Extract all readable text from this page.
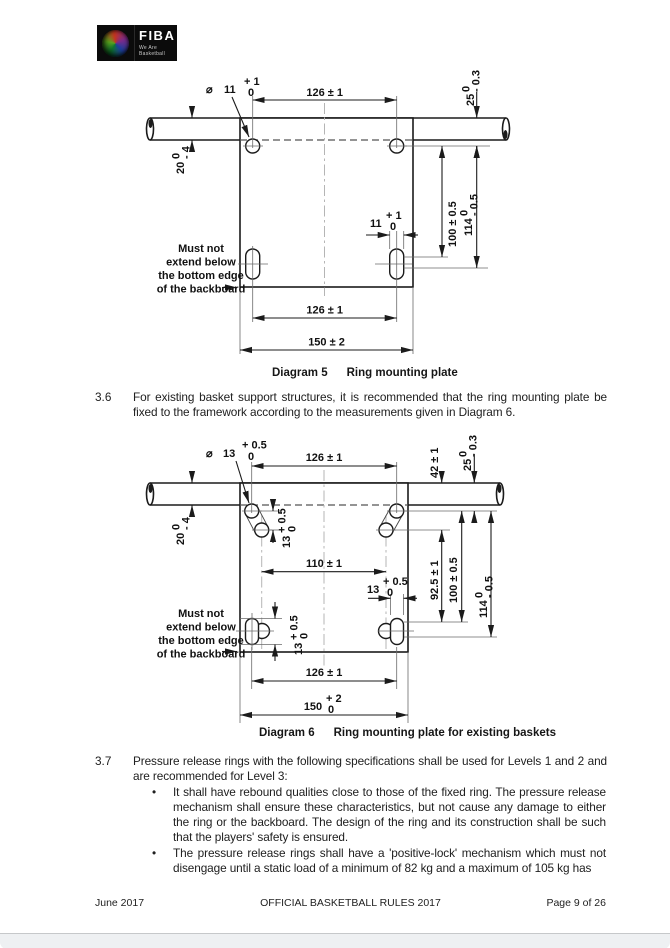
FIBA
We Are Basketball
126 ± 1
⌀ 11
+ 1
0
20
0
- 4
25
0
- 0.3
100 ± 0.5 114
0
- 0.5
11
+ 1
0
Must not
extend below
the bottom edge
of the backboard
126 ± 1
150 ± 2
Diagram 5 Ring mounting plate
3.6 For existing basket support structures, it is recommended that the ring mounting plate be fixed to the framework according to the measurements given in Diagram 6.
126 ± 1
⌀ 13
+ 0.5
0
20
0
- 4
13
+ 0.5
0
110 ± 1
13
+ 0.5
0
13
+ 0.5
0
42 ± 1 25
0
- 0.3
92.5 ± 1 100 ± 0.5
114
0
- 0.5
Must not
extend below
the bottom edge
of the backboard
126 ± 1
150
+ 2
0
Diagram 6 Ring mounting plate for existing baskets
3.7 Pressure release rings with the following specifications shall be used for Levels 1 and 2 and are recommended for Level 3:
•	It shall have rebound qualities close to those of the fixed ring. The pressure release mechanism shall ensure these characteristics, but not cause any damage to either the ring or the backboard. The design of the ring and its construction shall be such that the players' safety is ensured.
•	The pressure release rings shall have a 'positive-lock' mechanism which must not disengage until a static load of a minimum of 82 kg and a maximum of 105 kg has
June 2017	OFFICIAL BASKETBALL RULES 2017	Page 9 of 26
